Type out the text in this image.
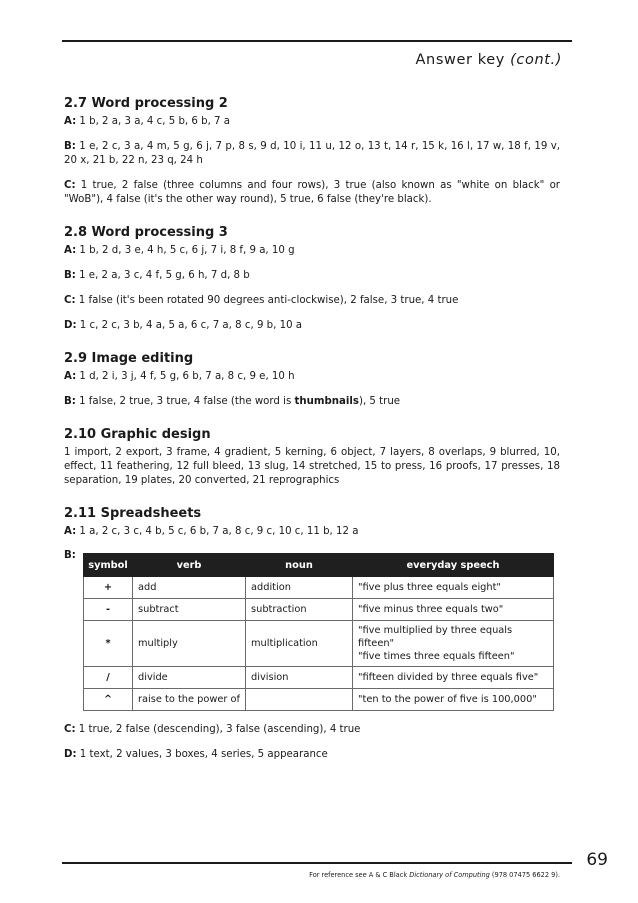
Answer key (cont.)
2.7 Word processing 2

A: 1 b, 2 a, 3 a, 4 c, 5 b, 6 b, 7 a

B: 1 e, 2 c, 3 a, 4 m, 5 g, 6 j, 7 p, 8 s, 9 d, 10 i, 11 u, 12 o, 13 t, 14 r, 15 k, 16 l, 17 w, 18 f, 19 v, 20 x, 21 b, 22 n, 23 q, 24 h

C: 1 true, 2 false (three columns and four rows), 3 true (also known as "white on black" or "WoB"), 4 false (it's the other way round), 5 true, 6 false (they're black).

2.8 Word processing 3

A: 1 b, 2 d, 3 e, 4 h, 5 c, 6 j, 7 i, 8 f, 9 a, 10 g

B: 1 e, 2 a, 3 c, 4 f, 5 g, 6 h, 7 d, 8 b

C: 1 false (it's been rotated 90 degrees anti-clockwise), 2 false, 3 true, 4 true

D: 1 c, 2 c, 3 b, 4 a, 5 a, 6 c, 7 a, 8 c, 9 b, 10 a

2.9 Image editing

A: 1 d, 2 i, 3 j, 4 f, 5 g, 6 b, 7 a, 8 c, 9 e, 10 h

B: 1 false, 2 true, 3 true, 4 false (the word is thumbnails), 5 true

2.10 Graphic design

1 import, 2 export, 3 frame, 4 gradient, 5 kerning, 6 object, 7 layers, 8 overlaps, 9 blurred, 10, effect, 11 feathering, 12 full bleed, 13 slug, 14 stretched, 15 to press, 16 proofs, 17 presses, 18 separation, 19 plates, 20 converted, 21 reprographics

2.11 Spreadsheets

A: 1 a, 2 c, 3 c, 4 b, 5 c, 6 b, 7 a, 8 c, 9 c, 10 c, 11 b, 12 a

B:
symbol	verb	noun	everyday speech
+	add	addition	"five plus three equals eight"
-	subtract	subtraction	"five minus three equals two"
*	multiply	multiplication	"five multiplied by three equals fifteen"
"five times three equals fifteen"

/	divide	division	"fifteen divided by three equals five"
^	raise to the power of		"ten to the power of five is 100,000"

C: 1 true, 2 false (descending), 3 false (ascending), 4 true

D: 1 text, 2 values, 3 boxes, 4 series, 5 appearance

69
For reference see A & C Black Dictionary of Computing (978 07475 6622 9).
